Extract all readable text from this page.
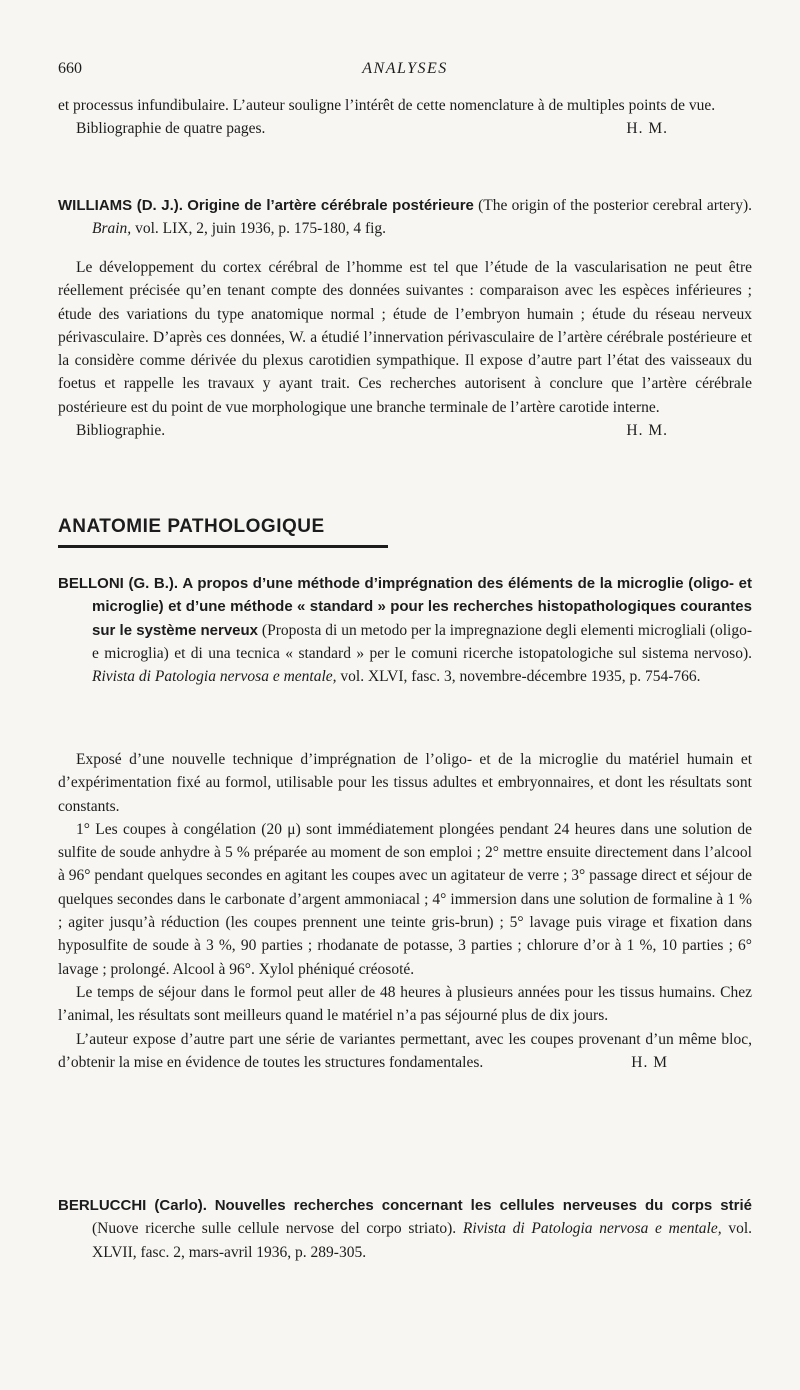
660	ANALYSES

et processus infundibulaire. L’auteur souligne l’intérêt de cette nomenclature à de multiples points de vue.

Bibliographie de quatre pages.	H. M.

WILLIAMS (D. J.). Origine de l’artère cérébrale postérieure (The origin of the posterior cerebral artery). Brain, vol. LIX, 2, juin 1936, p. 175-180, 4 fig.

Le développement du cortex cérébral de l’homme est tel que l’étude de la vascularisation ne peut être réellement précisée qu’en tenant compte des données suivantes : comparaison avec les espèces inférieures ; étude des variations du type anatomique normal ; étude de l’embryon humain ; étude du réseau nerveux périvasculaire. D’après ces données, W. a étudié l’innervation périvasculaire de l’artère cérébrale postérieure et la considère comme dérivée du plexus carotidien sympathique. Il expose d’autre part l’état des vaisseaux du foetus et rappelle les travaux y ayant trait. Ces recherches autorisent à conclure que l’artère cérébrale postérieure est du point de vue morphologique une branche terminale de l’artère carotide interne.

Bibliographie.	H. M.

ANATOMIE PATHOLOGIQUE

BELLONI (G. B.). A propos d’une méthode d’imprégnation des éléments de la microglie (oligo- et microglie) et d’une méthode « standard » pour les recherches histopathologiques courantes sur le système nerveux (Proposta di un metodo per la impregnazione degli elementi microgliali (oligo- e microglia) et di una tecnica « standard » per le comuni ricerche istopatologiche sul sistema nervoso). Rivista di Patologia nervosa e mentale, vol. XLVI, fasc. 3, novembre-décembre 1935, p. 754-766.

Exposé d’une nouvelle technique d’imprégnation de l’oligo- et de la microglie du matériel humain et d’expérimentation fixé au formol, utilisable pour les tissus adultes et embryonnaires, et dont les résultats sont constants.

1° Les coupes à congélation (20 μ) sont immédiatement plongées pendant 24 heures dans une solution de sulfite de soude anhydre à 5 % préparée au moment de son emploi ; 2° mettre ensuite directement dans l’alcool à 96° pendant quelques secondes en agitant les coupes avec un agitateur de verre ; 3° passage direct et séjour de quelques secondes dans le carbonate d’argent ammoniacal ; 4° immersion dans une solution de formaline à 1 % ; agiter jusqu’à réduction (les coupes prennent une teinte gris-brun) ; 5° lavage puis virage et fixation dans hyposulfite de soude à 3 %, 90 parties ; rhodanate de potasse, 3 parties ; chlorure d’or à 1 %, 10 parties ; 6° lavage ; prolongé. Alcool à 96°. Xylol phéniqué créosoté.

Le temps de séjour dans le formol peut aller de 48 heures à plusieurs années pour les tissus humains. Chez l’animal, les résultats sont meilleurs quand le matériel n’a pas séjourné plus de dix jours.

L’auteur expose d’autre part une série de variantes permettant, avec les coupes provenant d’un même bloc, d’obtenir la mise en évidence de toutes les structures fondamentales.	H. M

BERLUCCHI (Carlo). Nouvelles recherches concernant les cellules nerveuses du corps strié (Nuove ricerche sulle cellule nervose del corpo striato). Rivista di Patologia nervosa e mentale, vol. XLVII, fasc. 2, mars-avril 1936, p. 289-305.
